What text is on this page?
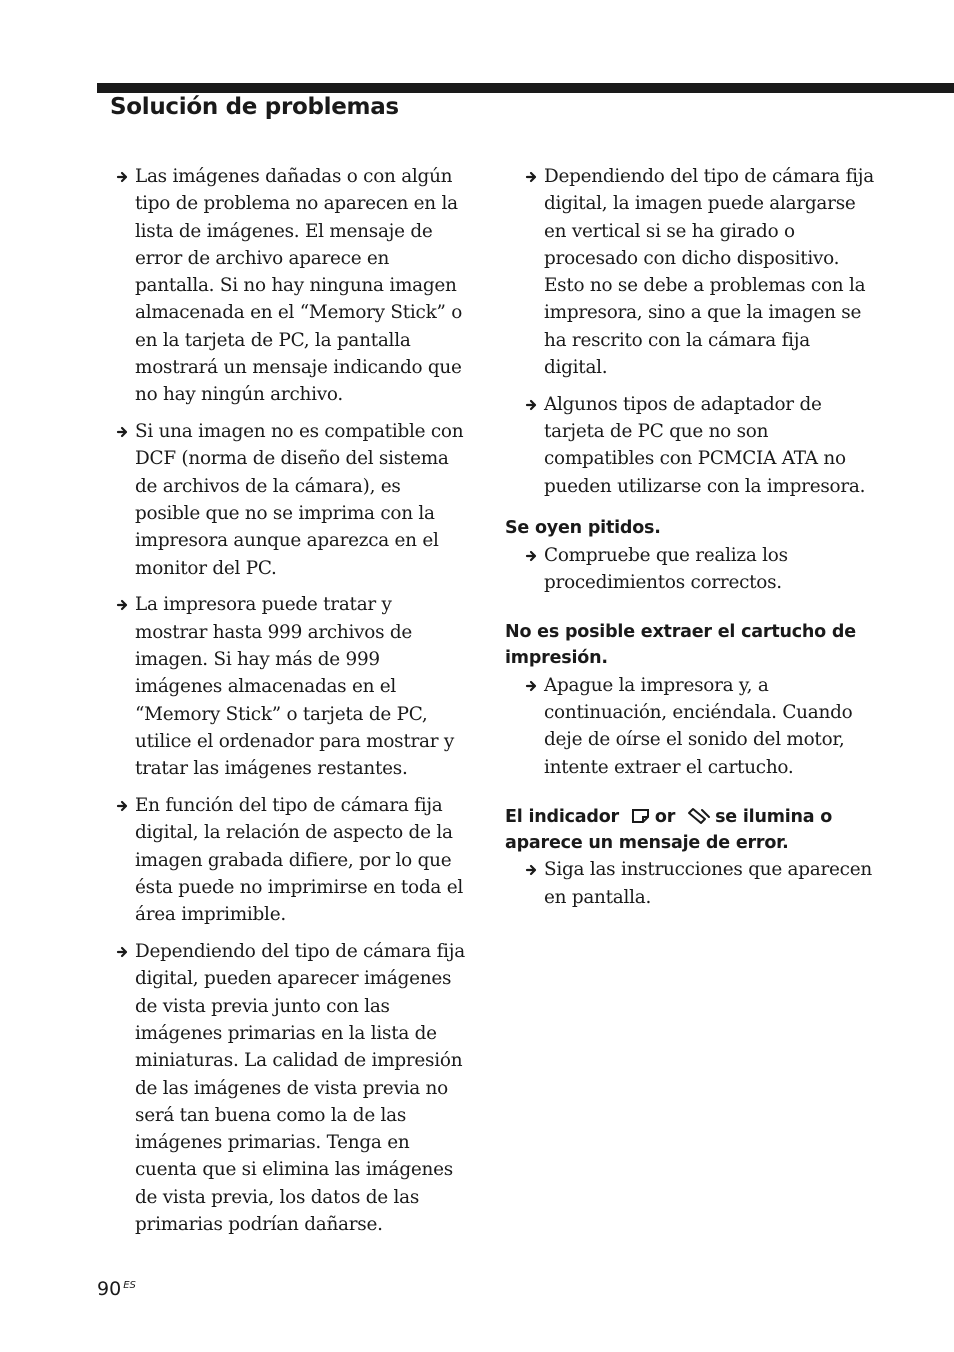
Solución de problemas
Las imágenes dañadas o con algún tipo de problema no aparecen en la lista de imágenes. El mensaje de error de archivo aparece en pantalla. Si no hay ninguna imagen almacenada en el “Memory Stick” o en la tarjeta de PC, la pantalla mostrará un mensaje indicando que no hay ningún archivo.
Si una imagen no es compatible con DCF (norma de diseño del sistema de archivos de la cámara), es posible que no se imprima con la impresora aunque aparezca en el monitor del PC.
La impresora puede tratar y mostrar hasta 999 archivos de imagen. Si hay más de 999 imágenes almacenadas en el “Memory Stick” o tarjeta de PC, utilice el ordenador para mostrar y tratar las imágenes restantes.
En función del tipo de cámara fija digital, la relación de aspecto de la imagen grabada difiere, por lo que ésta puede no imprimirse en toda el área imprimible.
Dependiendo del tipo de cámara fija digital, pueden aparecer imágenes de vista previa junto con las imágenes primarias en la lista de miniaturas. La calidad de impresión de las imágenes de vista previa no será tan buena como la de las imágenes primarias. Tenga en cuenta que si elimina las imágenes de vista previa, los datos de las primarias podrían dañarse.
Dependiendo del tipo de cámara fija digital, la imagen puede alargarse en vertical si se ha girado o procesado con dicho dispositivo. Esto no se debe a problemas con la impresora, sino a que la imagen se ha rescrito con la cámara fija digital.
Algunos tipos de adaptador de tarjeta de PC que no son compatibles con PCMCIA ATA no pueden utilizarse con la impresora.
Se oyen pitidos.
Compruebe que realiza los procedimientos correctos.
No es posible extraer el cartucho de impresión.
Apague la impresora y, a continuación, enciéndala. Cuando deje de oírse el sonido del motor, intente extraer el cartucho.
El indicador or se ilumina o aparece un mensaje de error.
Siga las instrucciones que aparecen en pantalla.
90 $^{ES}$
